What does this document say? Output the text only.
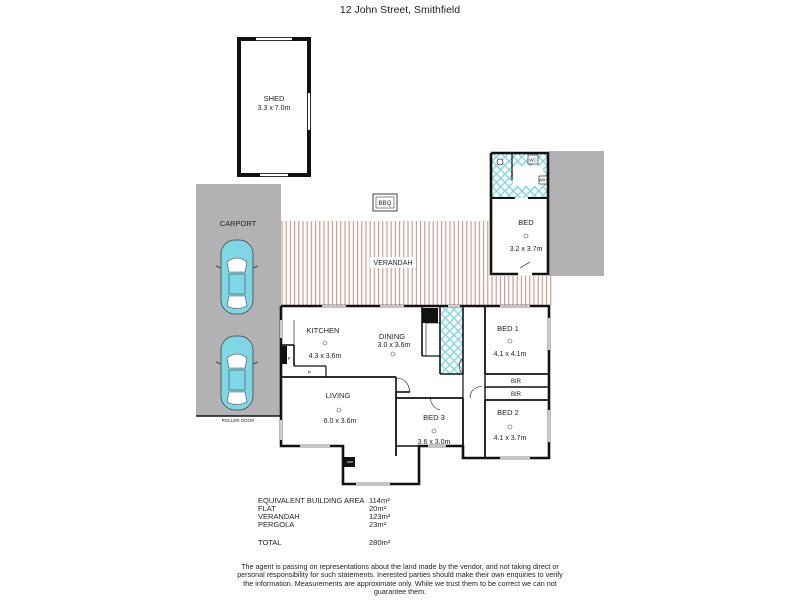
12 John Street, Smithfield
SHED
3.3 x 7.0m
CARPORT
ROLLER DOOR
VERANDAH
BBQ
WC
W/H
BED
3.2 x 3.7m
F
P
KITCHEN
4.3 x 3.6m
DINING
3.0 x 3.6m
BED 1
4.1 x 4.1m
BIR
BIR
LIVING
6.0 x 3.6m	BED 3
3.6 x 3.0m
BED 2
4.1 x 3.7m
EQUIVALENT BUILDING AREA 114m²
FLAT	20m²
VERANDAH	123m²
PERGOLA	23m²
TOTAL	280m²
The agent is passing on representations about the land made by the vendor, and not taking direct or personal responsibility for such statements. Inerested parties should make their own enquiries to verify the information. Measurements are approximate only. While we trust them to be correct we can not guarantee them.
